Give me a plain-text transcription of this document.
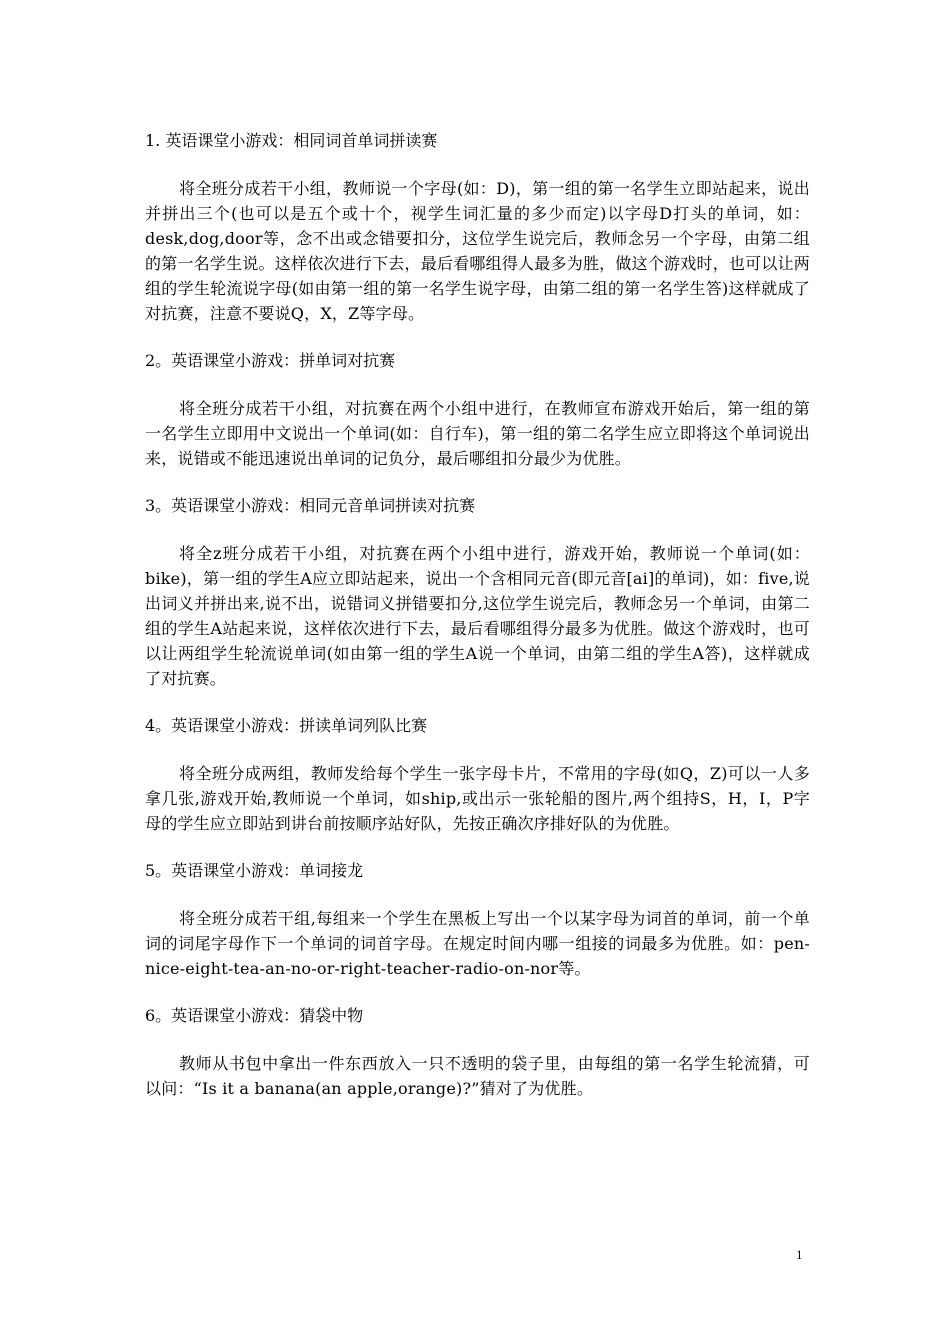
1. 英语课堂小游戏：相同词首单词拼读赛

将全班分成若干小组，教师说一个字母(如：D)，第一组的第一名学生立即站起来，说出并拼出三个(也可以是五个或十个，视学生词汇量的多少而定)以字母D打头的单词，如：desk,dog,door等，念不出或念错要扣分，这位学生说完后，教师念另一个字母，由第二组的第一名学生说。这样依次进行下去，最后看哪组得人最多为胜，做这个游戏时，也可以让两组的学生轮流说字母(如由第一组的第一名学生说字母，由第二组的第一名学生答)这样就成了对抗赛，注意不要说Q，X，Z等字母。

2。英语课堂小游戏：拼单词对抗赛

将全班分成若干小组，对抗赛在两个小组中进行，在教师宣布游戏开始后，第一组的第一名学生立即用中文说出一个单词(如：自行车)，第一组的第二名学生应立即将这个单词说出来，说错或不能迅速说出单词的记负分，最后哪组扣分最少为优胜。

3。英语课堂小游戏：相同元音单词拼读对抗赛

将全z班分成若干小组，对抗赛在两个小组中进行，游戏开始，教师说一个单词(如：bike)，第一组的学生A应立即站起来，说出一个含相同元音(即元音[ai]的单词)，如：five,说出词义并拼出来,说不出，说错词义拼错要扣分,这位学生说完后，教师念另一个单词，由第二组的学生A站起来说，这样依次进行下去，最后看哪组得分最多为优胜。做这个游戏时，也可以让两组学生轮流说单词(如由第一组的学生A说一个单词，由第二组的学生A答)，这样就成了对抗赛。

4。英语课堂小游戏：拼读单词列队比赛

将全班分成两组，教师发给每个学生一张字母卡片，不常用的字母(如Q，Z)可以一人多拿几张,游戏开始,教师说一个单词，如ship,或出示一张轮船的图片,两个组持S，H，I，P字母的学生应立即站到讲台前按顺序站好队，先按正确次序排好队的为优胜。

5。英语课堂小游戏：单词接龙

将全班分成若干组,每组来一个学生在黑板上写出一个以某字母为词首的单词，前一个单词的词尾字母作下一个单词的词首字母。在规定时间内哪一组接的词最多为优胜。如：pen-nice-eight-tea-an-no-or-right-teacher-radio-on-nor等。

6。英语课堂小游戏：猜袋中物

教师从书包中拿出一件东西放入一只不透明的袋子里，由每组的第一名学生轮流猜，可以问：“Is it a banana(an apple,orange)?”猜对了为优胜。

1
